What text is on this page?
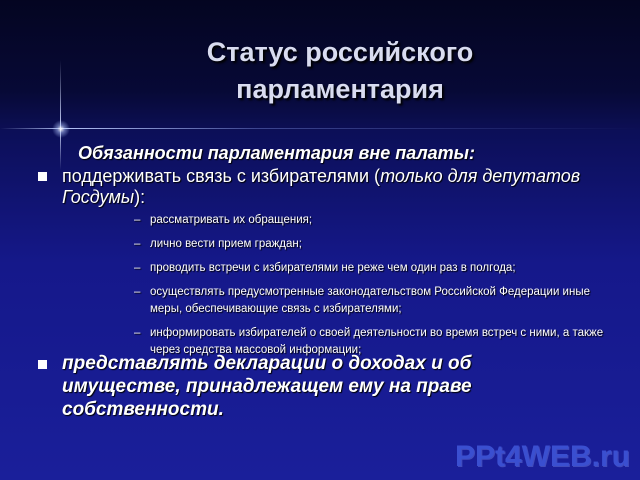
Статус российского парламентария
Обязанности парламентария вне палаты:
поддерживать связь с избирателями (только для депутатов Госдумы):
– рассматривать их обращения;
– лично вести прием граждан;
– проводить встречи с избирателями не реже чем один раз в полгода;
– осуществлять предусмотренные законодательством Российской Федерации иные меры, обеспечивающие связь с избирателями;
– информировать избирателей о своей деятельности во время встреч с ними, а также через средства массовой информации;
представлять декларации о доходах и об имуществе, принадлежащем ему на праве собственности.
PPt4WEB.ru
